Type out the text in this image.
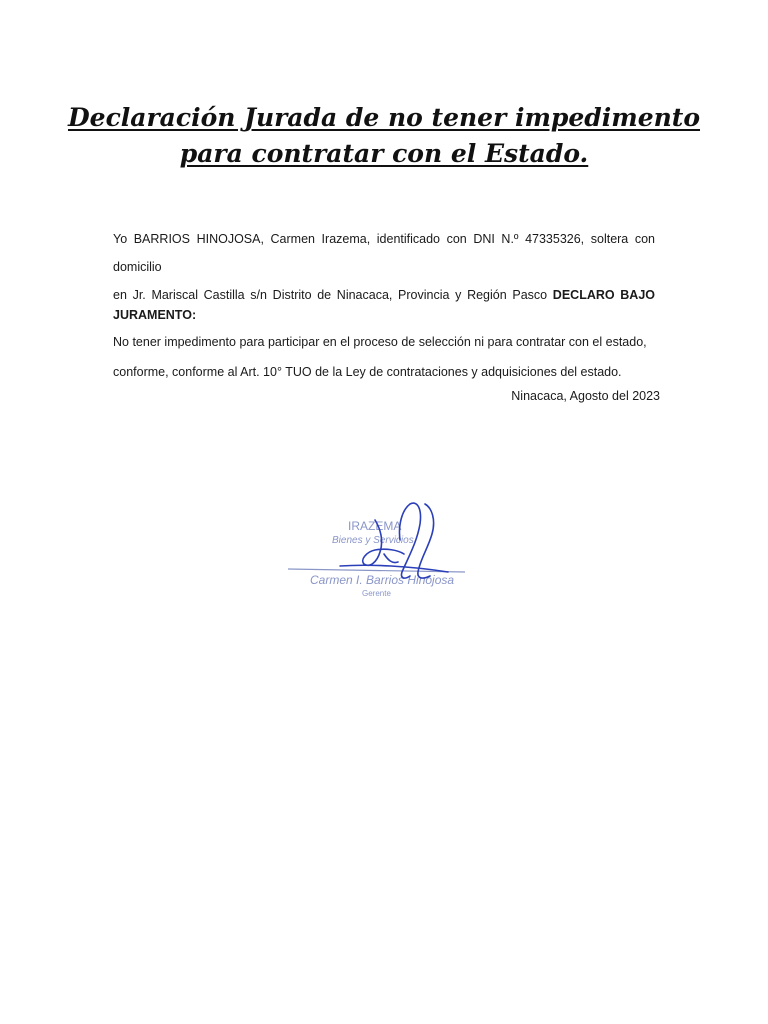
Declaración Jurada de no tener impedimento
para contratar con el Estado.

Yo BARRIOS HINOJOSA, Carmen Irazema, identificado con DNI N.º 47335326, soltera con domicilio
en Jr. Mariscal Castilla s/n Distrito de Ninacaca, Provincia y Región Pasco DECLARO BAJO
JURAMENTO:

No tener impedimento para participar en el proceso de selección ni para contratar con el estado,
conforme, conforme al Art. 10° TUO de la Ley de contrataciones y adquisiciones del estado.

Ninacaca, Agosto del 2023
IRAZEMA
Bienes y Servicios
Carmen I. Barrios Hinojosa
Gerente
